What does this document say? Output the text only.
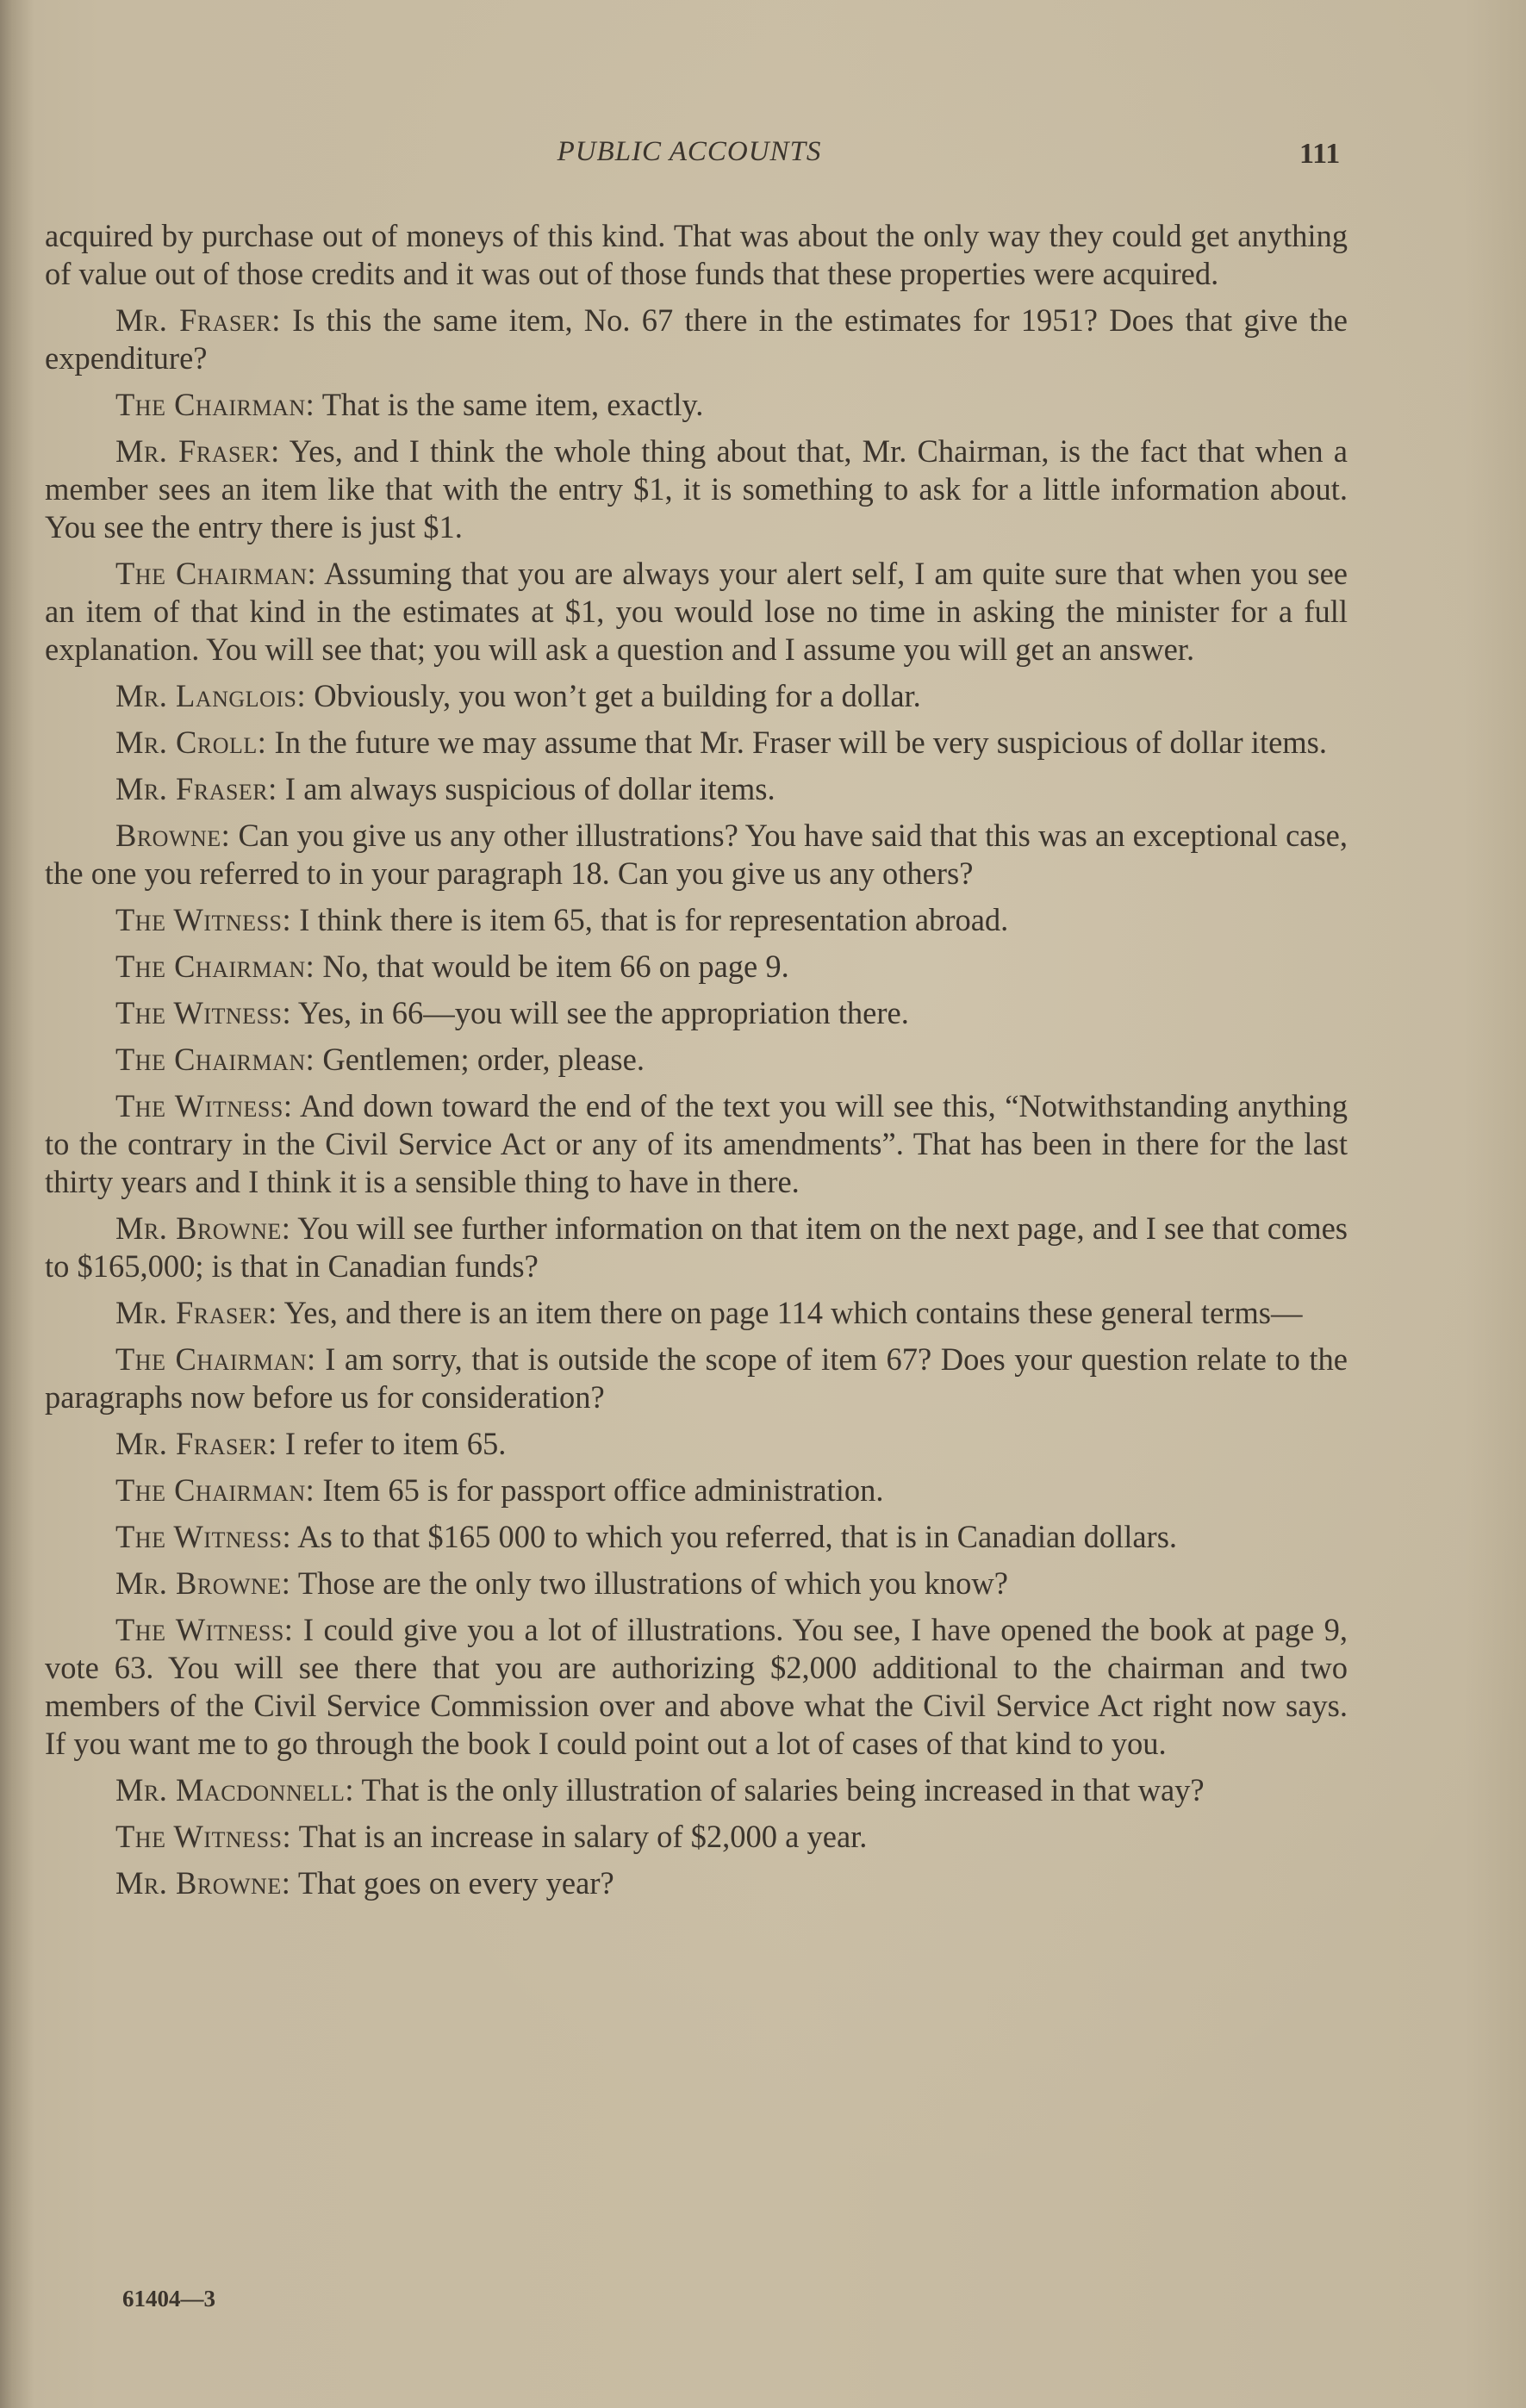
PUBLIC ACCOUNTS	111

acquired by purchase out of moneys of this kind. That was about the only way they could get anything of value out of those credits and it was out of those funds that these properties were acquired.

Mr. Fraser: Is this the same item, No. 67 there in the estimates for 1951? Does that give the expenditure?

The Chairman: That is the same item, exactly.

Mr. Fraser: Yes, and I think the whole thing about that, Mr. Chairman, is the fact that when a member sees an item like that with the entry $1, it is something to ask for a little information about. You see the entry there is just $1.

The Chairman: Assuming that you are always your alert self, I am quite sure that when you see an item of that kind in the estimates at $1, you would lose no time in asking the minister for a full explanation. You will see that; you will ask a question and I assume you will get an answer.

Mr. Langlois: Obviously, you won’t get a building for a dollar.

Mr. Croll: In the future we may assume that Mr. Fraser will be very suspicious of dollar items.

Mr. Fraser: I am always suspicious of dollar items.

Browne: Can you give us any other illustrations? You have said that this was an exceptional case, the one you referred to in your paragraph 18. Can you give us any others?

The Witness: I think there is item 65, that is for representation abroad.

The Chairman: No, that would be item 66 on page 9.

The Witness: Yes, in 66—you will see the appropriation there.

The Chairman: Gentlemen; order, please.

The Witness: And down toward the end of the text you will see this, “Notwithstanding anything to the contrary in the Civil Service Act or any of its amendments”. That has been in there for the last thirty years and I think it is a sensible thing to have in there.

Mr. Browne: You will see further information on that item on the next page, and I see that comes to $165,000; is that in Canadian funds?

Mr. Fraser: Yes, and there is an item there on page 114 which contains these general terms—

The Chairman: I am sorry, that is outside the scope of item 67? Does your question relate to the paragraphs now before us for consideration?

Mr. Fraser: I refer to item 65.

The Chairman: Item 65 is for passport office administration.

The Witness: As to that $165 000 to which you referred, that is in Canadian dollars.

Mr. Browne: Those are the only two illustrations of which you know?

The Witness: I could give you a lot of illustrations. You see, I have opened the book at page 9, vote 63. You will see there that you are authorizing $2,000 additional to the chairman and two members of the Civil Service Commission over and above what the Civil Service Act right now says. If you want me to go through the book I could point out a lot of cases of that kind to you.

Mr. Macdonnell: That is the only illustration of salaries being increased in that way?

The Witness: That is an increase in salary of $2,000 a year.

Mr. Browne: That goes on every year?

61404—3
